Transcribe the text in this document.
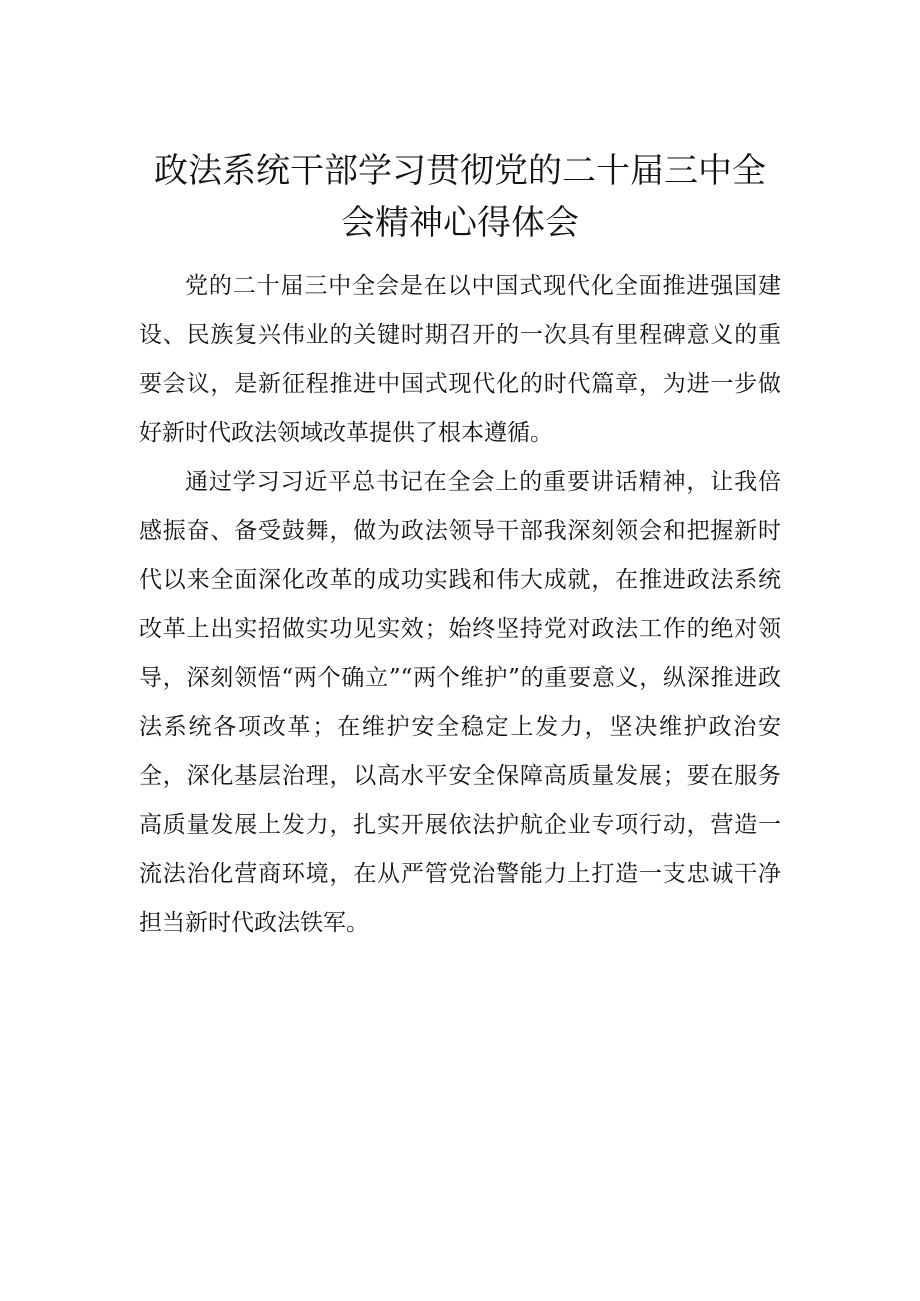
政法系统干部学习贯彻党的二十届三中全
会精神心得体会

党的二十届三中全会是在以中国式现代化全面推进强国建设、民族复兴伟业的关键时期召开的一次具有里程碑意义的重要会议，是新征程推进中国式现代化的时代篇章，为进一步做好新时代政法领域改革提供了根本遵循。

通过学习习近平总书记在全会上的重要讲话精神，让我倍感振奋、备受鼓舞，做为政法领导干部我深刻领会和把握新时代以来全面深化改革的成功实践和伟大成就，在推进政法系统改革上出实招做实功见实效；始终坚持党对政法工作的绝对领导，深刻领悟“两个确立”“两个维护”的重要意义，纵深推进政法系统各项改革；在维护安全稳定上发力，坚决维护政治安全，深化基层治理，以高水平安全保障高质量发展；要在服务高质量发展上发力，扎实开展依法护航企业专项行动，营造一流法治化营商环境，在从严管党治警能力上打造一支忠诚干净担当新时代政法铁军。
